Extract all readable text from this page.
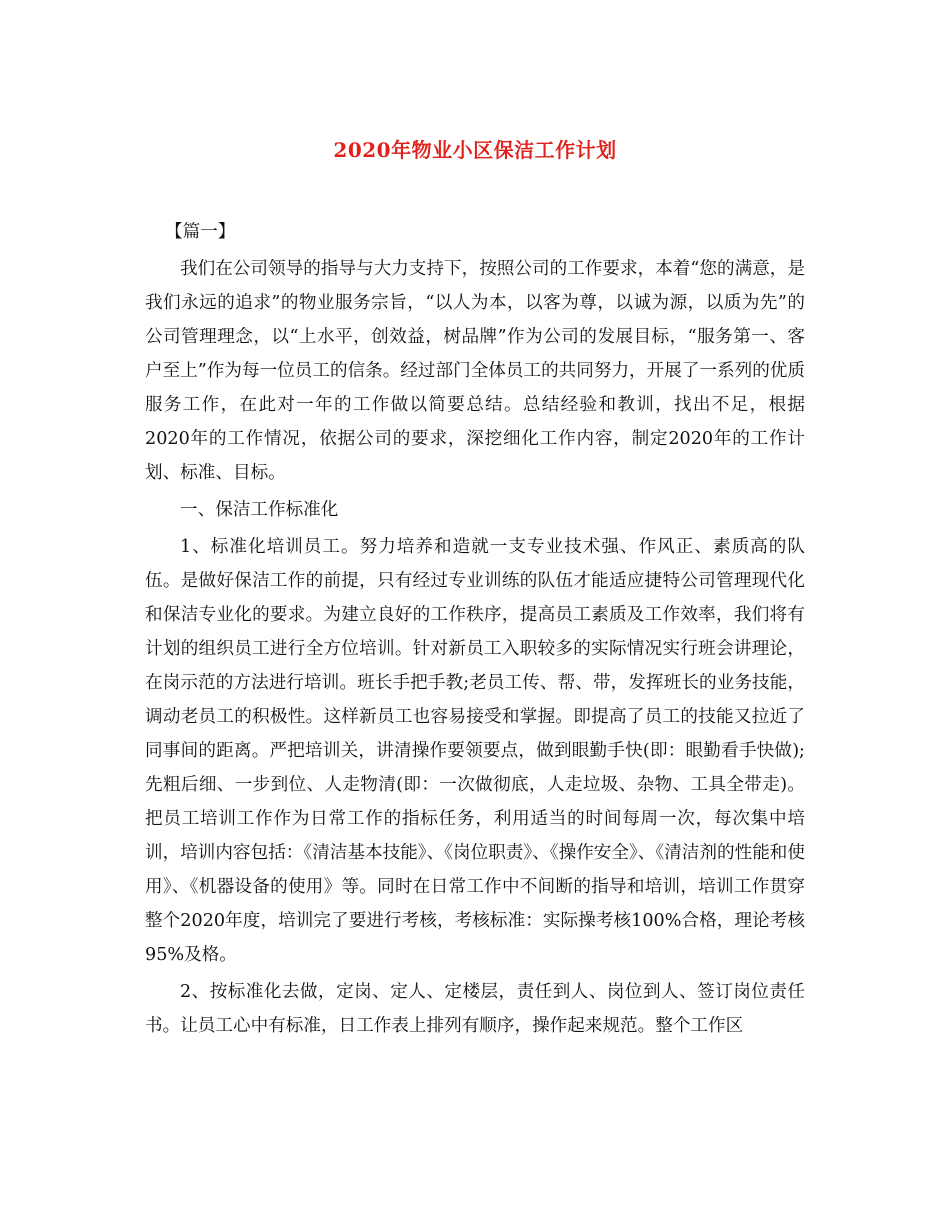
2020年物业小区保洁工作计划

【篇一】

我们在公司领导的指导与大力支持下，按照公司的工作要求，本着“您的满意，是我们永远的追求”的物业服务宗旨，“以人为本，以客为尊，以诚为源，以质为先”的公司管理理念，以“上水平，创效益，树品牌”作为公司的发展目标，“服务第一、客户至上”作为每一位员工的信条。经过部门全体员工的共同努力，开展了一系列的优质服务工作，在此对一年的工作做以简要总结。总结经验和教训，找出不足，根据2020年的工作情况，依据公司的要求，深挖细化工作内容，制定2020年的工作计划、标准、目标。

一、保洁工作标准化

1、标准化培训员工。努力培养和造就一支专业技术强、作风正、素质高的队伍。是做好保洁工作的前提，只有经过专业训练的队伍才能适应捷特公司管理现代化和保洁专业化的要求。为建立良好的工作秩序，提高员工素质及工作效率，我们将有计划的组织员工进行全方位培训。针对新员工入职较多的实际情况实行班会讲理论，在岗示范的方法进行培训。班长手把手教;老员工传、帮、带，发挥班长的业务技能，调动老员工的积极性。这样新员工也容易接受和掌握。即提高了员工的技能又拉近了同事间的距离。严把培训关，讲清操作要领要点，做到眼勤手快(即：眼勤看手快做);先粗后细、一步到位、人走物清(即：一次做彻底，人走垃圾、杂物、工具全带走)。把员工培训工作作为日常工作的指标任务，利用适当的时间每周一次，每次集中培训，培训内容包括：《清洁基本技能》、《岗位职责》、《操作安全》、《清洁剂的性能和使用》、《机器设备的使用》等。同时在日常工作中不间断的指导和培训，培训工作贯穿整个2020年度，培训完了要进行考核，考核标准：实际操考核100%合格，理论考核95%及格。

2、按标准化去做，定岗、定人、定楼层，责任到人、岗位到人、签订岗位责任书。让员工心中有标准，日工作表上排列有顺序，操作起来规范。整个工作区
